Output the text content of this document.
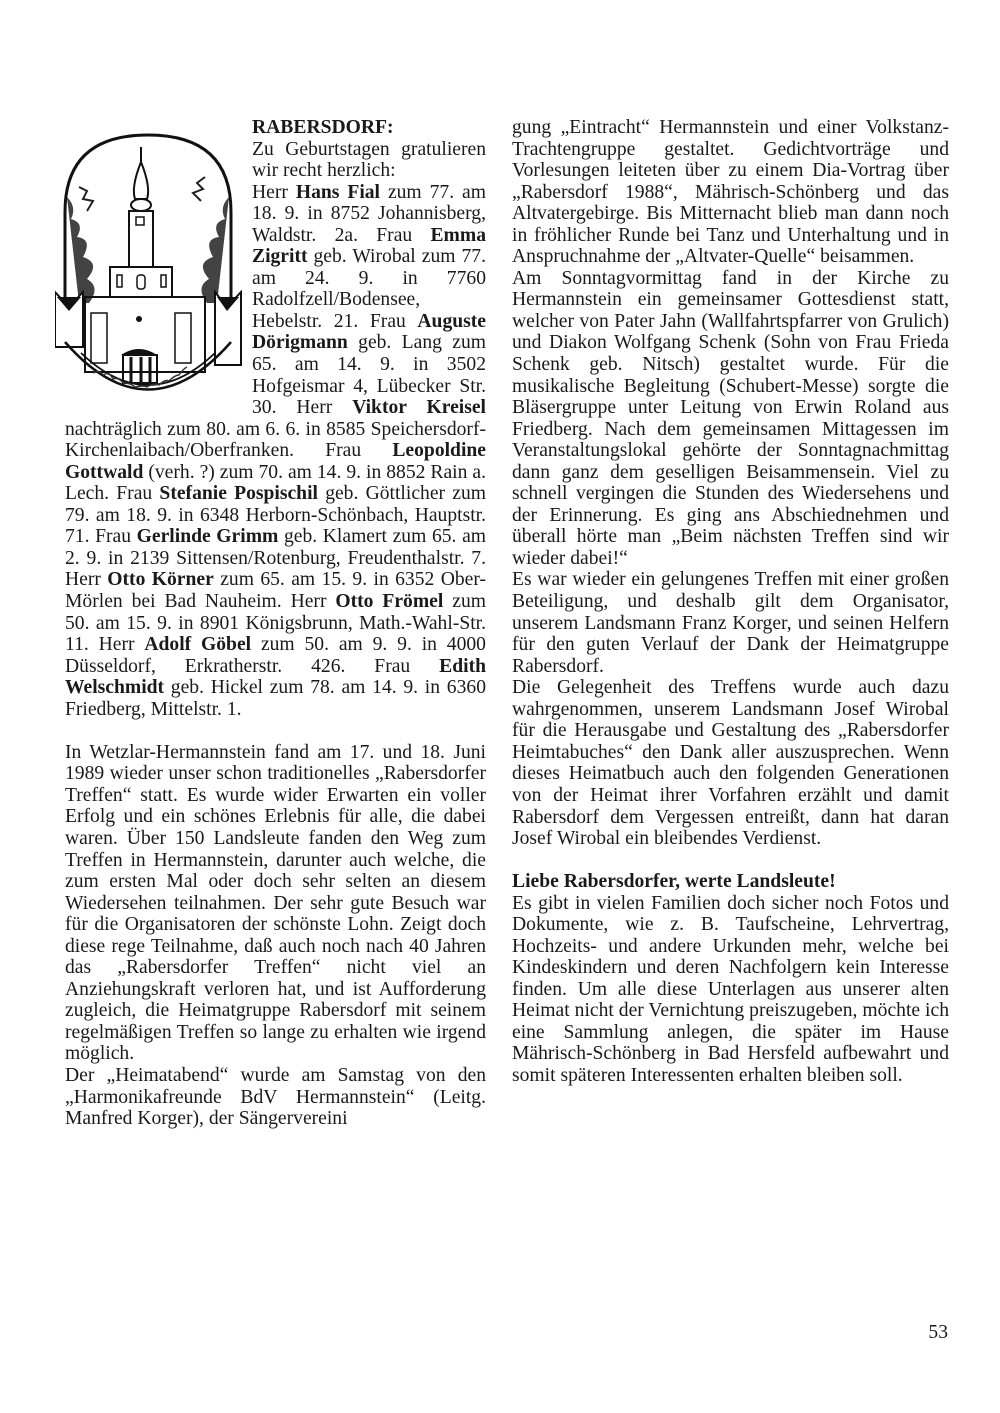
RABERSDORF:
Zu Geburtstagen gratulieren wir recht herzlich:
Herr Hans Fial zum 77. am 18. 9. in 8752 Johannisberg, Waldstr. 2a. Frau Emma Zigritt geb. Wirobal zum 77. am 24. 9. in 7760 Radolfzell/Bodensee, Hebelstr. 21. Frau Auguste Dörigmann geb. Lang zum 65. am 14. 9. in 3502 Hofgeismar 4, Lübecker Str. 30. Herr Viktor Kreisel nachträglich zum 80. am 6. 6. in 8585 Speichersdorf-Kirchenlaibach/Oberfranken. Frau Leopoldine Gottwald (verh. ?) zum 70. am 14. 9. in 8852 Rain a. Lech. Frau Stefanie Pospischil geb. Göttlicher zum 79. am 18. 9. in 6348 Herborn-Schönbach, Hauptstr. 71. Frau Gerlinde Grimm geb. Klamert zum 65. am 2. 9. in 2139 Sittensen/Rotenburg, Freudenthalstr. 7. Herr Otto Körner zum 65. am 15. 9. in 6352 Ober-Mörlen bei Bad Nauheim. Herr Otto Frömel zum 50. am 15. 9. in 8901 Königsbrunn, Math.-Wahl-Str. 11. Herr Adolf Göbel zum 50. am 9. 9. in 4000 Düsseldorf, Erkratherstr. 426. Frau Edith Welschmidt geb. Hickel zum 78. am 14. 9. in 6360 Friedberg, Mittelstr. 1.

In Wetzlar-Hermannstein fand am 17. und 18. Juni 1989 wieder unser schon traditionelles „Rabersdorfer Treffen“ statt. Es wurde wider Erwarten ein voller Erfolg und ein schönes Erlebnis für alle, die dabei waren. Über 150 Landsleute fanden den Weg zum Treffen in Hermannstein, darunter auch welche, die zum ersten Mal oder doch sehr selten an diesem Wiedersehen teilnahmen. Der sehr gute Besuch war für die Organisatoren der schönste Lohn. Zeigt doch diese rege Teilnahme, daß auch noch nach 40 Jahren das „Rabersdorfer Treffen“ nicht viel an Anziehungskraft verloren hat, und ist Aufforderung zugleich, die Heimatgruppe Rabersdorf mit seinem regelmäßigen Treffen so lange zu erhalten wie irgend möglich.

Der „Heimatabend“ wurde am Samstag von den „Harmonikafreunde BdV Hermannstein“ (Leitg. Manfred Korger), der Sängervereini

gung „Eintracht“ Hermannstein und einer Volkstanz-Trachtengruppe gestaltet. Gedichtvorträge und Vorlesungen leiteten über zu einem Dia-Vortrag über „Rabersdorf 1988“, Mährisch-Schönberg und das Altvatergebirge. Bis Mitternacht blieb man dann noch in fröhlicher Runde bei Tanz und Unterhaltung und in Anspruchnahme der „Altvater-Quelle“ beisammen.

Am Sonntagvormittag fand in der Kirche zu Hermannstein ein gemeinsamer Gottesdienst statt, welcher von Pater Jahn (Wallfahrtspfarrer von Grulich) und Diakon Wolfgang Schenk (Sohn von Frau Frieda Schenk geb. Nitsch) gestaltet wurde. Für die musikalische Begleitung (Schubert-Messe) sorgte die Bläsergruppe unter Leitung von Erwin Roland aus Friedberg. Nach dem gemeinsamen Mittagessen im Veranstaltungslokal gehörte der Sonntagnachmittag dann ganz dem geselligen Beisammensein. Viel zu schnell vergingen die Stunden des Wiedersehens und der Erinnerung. Es ging ans Abschiednehmen und überall hörte man „Beim nächsten Treffen sind wir wieder dabei!“

Es war wieder ein gelungenes Treffen mit einer großen Beteiligung, und deshalb gilt dem Organisator, unserem Landsmann Franz Korger, und seinen Helfern für den guten Verlauf der Dank der Heimatgruppe Rabersdorf.

Die Gelegenheit des Treffens wurde auch dazu wahrgenommen, unserem Landsmann Josef Wirobal für die Herausgabe und Gestaltung des „Rabersdorfer Heimtabuches“ den Dank aller auszusprechen. Wenn dieses Heimatbuch auch den folgenden Generationen von der Heimat ihrer Vorfahren erzählt und damit Rabersdorf dem Vergessen entreißt, dann hat daran Josef Wirobal ein bleibendes Verdienst.

Liebe Rabersdorfer, werte Landsleute!
Es gibt in vielen Familien doch sicher noch Fotos und Dokumente, wie z. B. Taufscheine, Lehrvertrag, Hochzeits- und andere Urkunden mehr, welche bei Kindeskindern und deren Nachfolgern kein Interesse finden. Um alle diese Unterlagen aus unserer alten Heimat nicht der Vernichtung preiszugeben, möchte ich eine Sammlung anlegen, die später im Hause Mährisch-Schönberg in Bad Hersfeld aufbewahrt und somit späteren Interessenten erhalten bleiben soll.

53
